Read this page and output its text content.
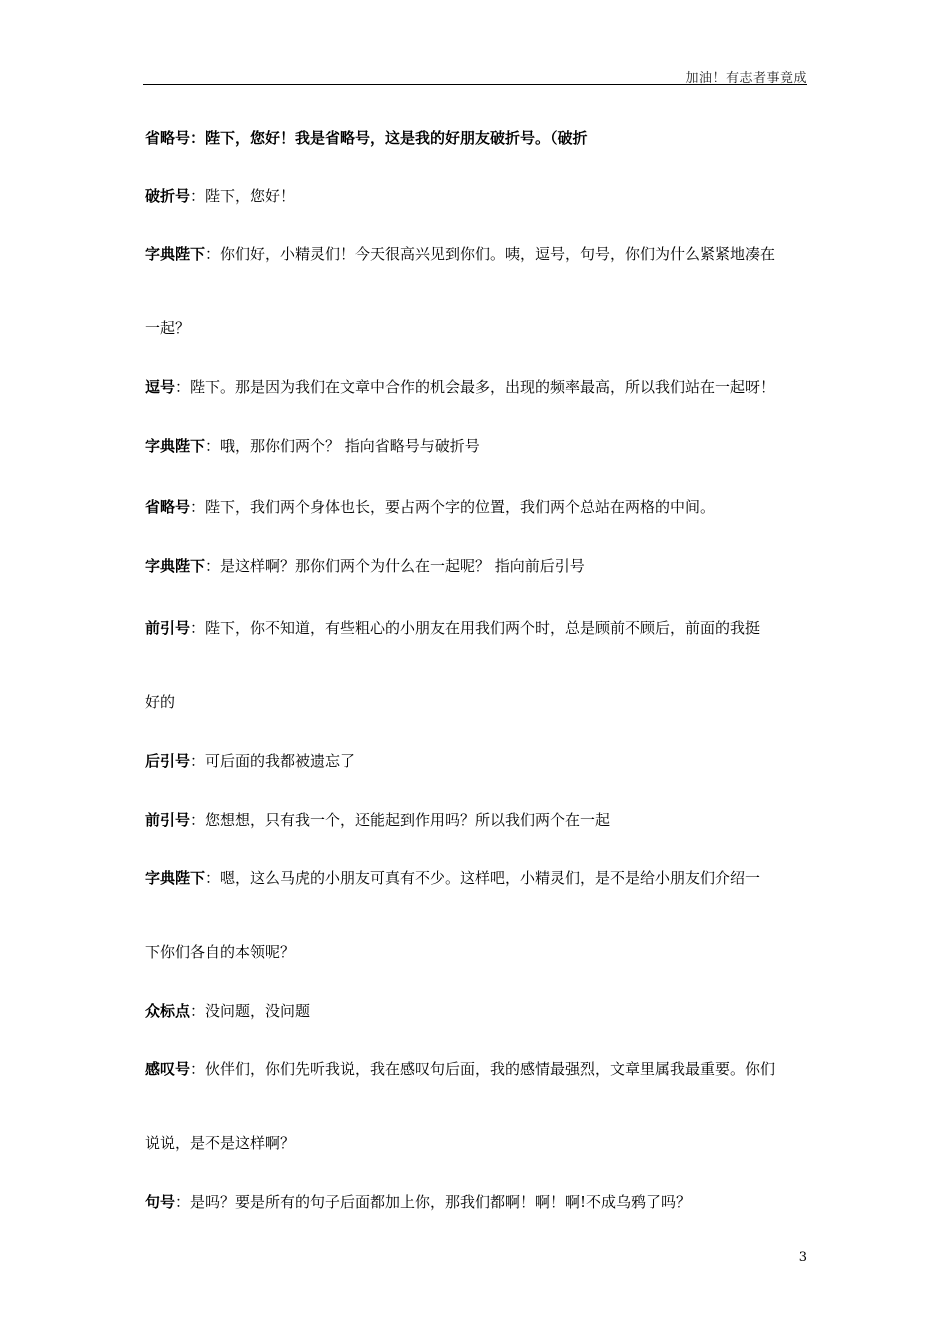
加油！有志者事竟成
省略号：陛下，您好！我是省略号，这是我的好朋友破折号。（破折
破折号：陛下，您好！
字典陛下：你们好，小精灵们！今天很高兴见到你们。咦，逗号，句号，你们为什么紧紧地凑在
一起？
逗号：陛下。那是因为我们在文章中合作的机会最多，出现的频率最高，所以我们站在一起呀！
字典陛下：哦，那你们两个？ 指向省略号与破折号
省略号：陛下，我们两个身体也长，要占两个字的位置，我们两个总站在两格的中间。
字典陛下：是这样啊？那你们两个为什么在一起呢？ 指向前后引号
前引号：陛下，你不知道，有些粗心的小朋友在用我们两个时，总是顾前不顾后，前面的我挺
好的
后引号：可后面的我都被遗忘了
前引号：您想想，只有我一个，还能起到作用吗？所以我们两个在一起
字典陛下：嗯，这么马虎的小朋友可真有不少。这样吧，小精灵们，是不是给小朋友们介绍一
下你们各自的本领呢？
众标点：没问题，没问题
感叹号：伙伴们，你们先听我说，我在感叹句后面，我的感情最强烈，文章里属我最重要。你们
说说，是不是这样啊？
句号：是吗？要是所有的句子后面都加上你，那我们都啊！啊！啊!不成乌鸦了吗？
3
